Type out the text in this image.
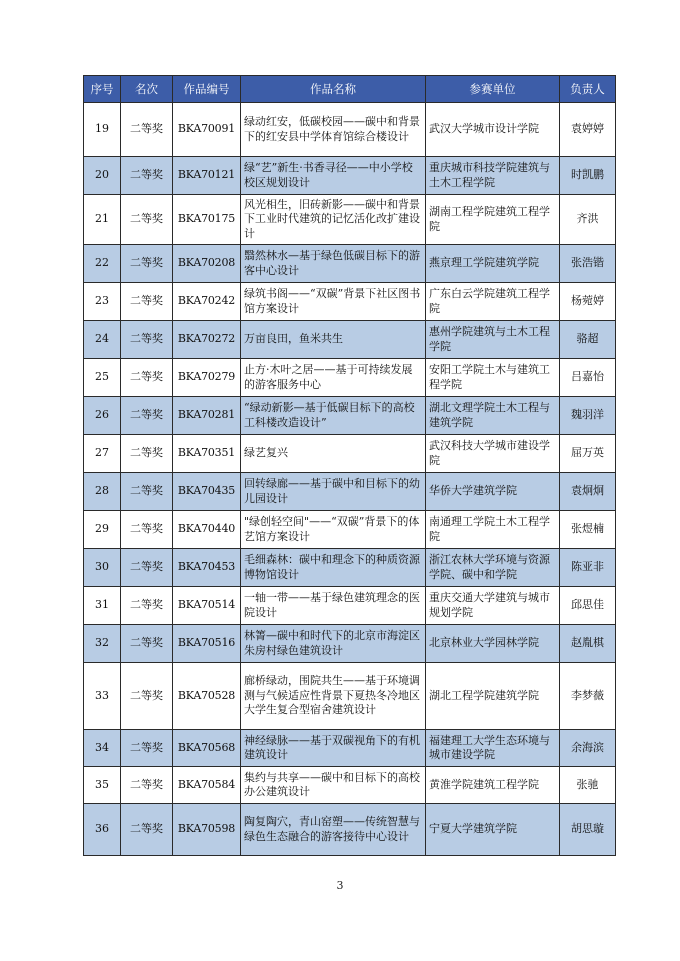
序号	名次	作品编号	作品名称	参赛单位	负责人
19	二等奖	BKA70091	绿动红安，低碳校园——碳中和背景下的红安县中学体育馆综合楼设计	武汉大学城市设计学院	袁婷婷
20	二等奖	BKA70121	绿“艺”新生·书香寻径——中小学校校区规划设计	重庆城市科技学院建筑与土木工程学院	时凯鹏
21	二等奖	BKA70175	风光相生，旧砖新影——碳中和背景下工业时代建筑的记忆活化改扩建设计	湖南工程学院建筑工程学院	齐洪
22	二等奖	BKA70208	翳然林水—基于绿色低碳目标下的游客中心设计	燕京理工学院建筑学院	张浩锴
23	二等奖	BKA70242	绿筑书阁——“双碳”背景下社区图书馆方案设计	广东白云学院建筑工程学院	杨菀婷
24	二等奖	BKA70272	万亩良田，鱼米共生	惠州学院建筑与土木工程学院	骆超
25	二等奖	BKA70279	止方·木叶之居——基于可持续发展的游客服务中心	安阳工学院土木与建筑工程学院	吕嘉怡
26	二等奖	BKA70281	“绿动新影—基于低碳目标下的高校工科楼改造设计”	湖北文理学院土木工程与建筑学院	魏羽洋
27	二等奖	BKA70351	绿艺复兴	武汉科技大学城市建设学院	屈万英
28	二等奖	BKA70435	回转绿廊——基于碳中和目标下的幼儿园设计	华侨大学建筑学院	袁炯炯
29	二等奖	BKA70440	"绿创轻空间"——“双碳”背景下的体艺馆方案设计	南通理工学院土木工程学院	张煜楠
30	二等奖	BKA70453	毛细森林：碳中和理念下的种质资源博物馆设计	浙江农林大学环境与资源学院、碳中和学院	陈亚非
31	二等奖	BKA70514	一轴一带——基于绿色建筑理念的医院设计	重庆交通大学建筑与城市规划学院	邱思佳
32	二等奖	BKA70516	林箐—碳中和时代下的北京市海淀区朱房村绿色建筑设计	北京林业大学园林学院	赵胤棋
33	二等奖	BKA70528	廊桥绿动，围院共生——基于环境调测与气候适应性背景下夏热冬冷地区大学生复合型宿舍建筑设计	湖北工程学院建筑学院	李梦薇
34	二等奖	BKA70568	神经绿脉——基于双碳视角下的有机建筑设计	福建理工大学生态环境与城市建设学院	余海滨
35	二等奖	BKA70584	集约与共享——碳中和目标下的高校办公建筑设计	黄淮学院建筑工程学院	张驰
36	二等奖	BKA70598	陶复陶穴，青山窑塑——传统智慧与绿色生态融合的游客接待中心设计	宁夏大学建筑学院	胡思璇
3
